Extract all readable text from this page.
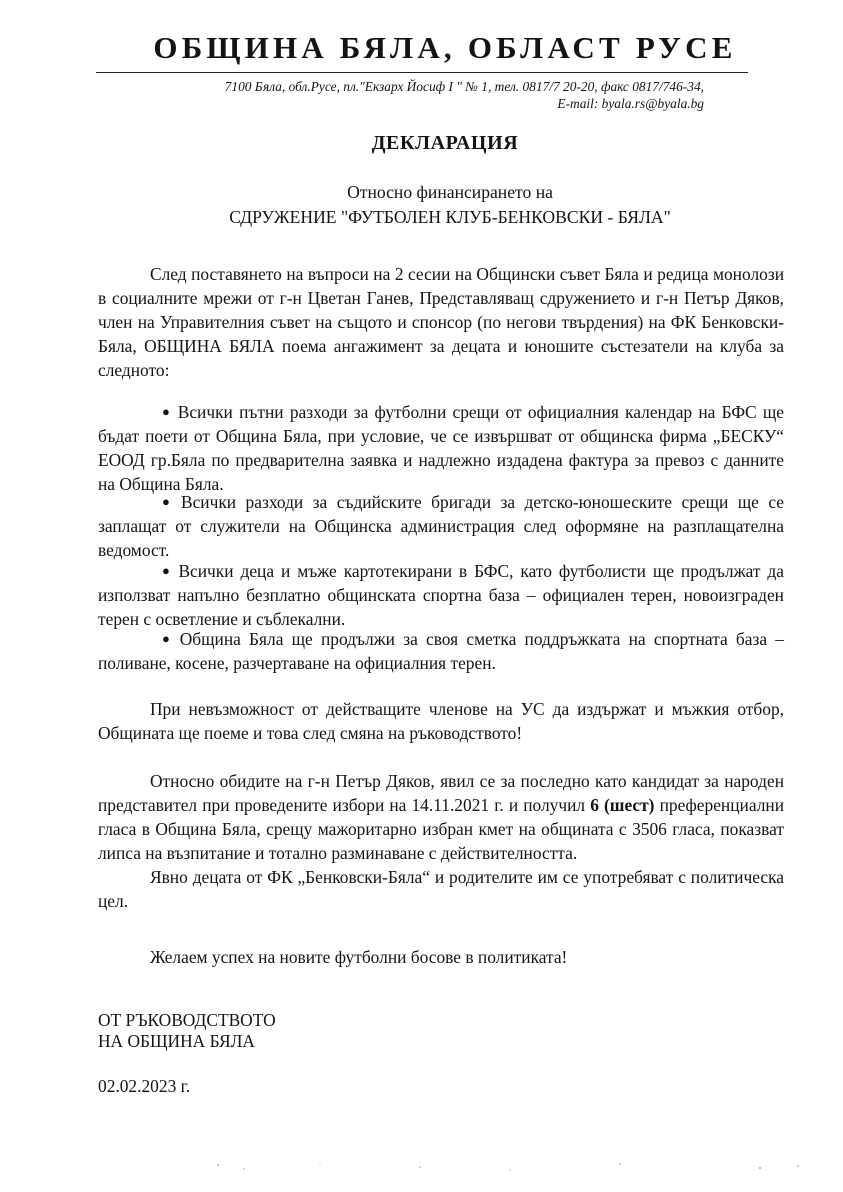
ОБЩИНА БЯЛА, ОБЛАСТ РУСЕ
7100 Бяла, обл.Русе, пл."Екзарх Йосиф I " № 1, тел. 0817/7 20-20, факс 0817/746-34,
E-mail: byala.rs@byala.bg
ДЕКЛАРАЦИЯ
Относно финансирането на
СДРУЖЕНИЕ "ФУТБОЛЕН КЛУБ-БЕНКОВСКИ - БЯЛА"
След поставянето на въпроси на 2 сесии на Общински съвет Бяла и редица монолози в социалните мрежи от г-н Цветан Ганев, Представляващ сдружението и г-н Петър Дяков, член на Управителния съвет на същото и спонсор (по негови твърдения) на ФК Бенковски-Бяла, ОБЩИНА БЯЛА поема ангажимент за децата и юношите състезатели на клуба за следното:
● Всички пътни разходи за футболни срещи от официалния календар на БФС ще бъдат поети от Община Бяла, при условие, че се извършват от общинска фирма „БЕСКУ“ ЕООД гр.Бяла по предварителна заявка и надлежно издадена фактура за превоз с данните на Община Бяла.
● Всички разходи за съдийските бригади за детско-юношеските срещи ще се заплащат от служители на Общинска администрация след оформяне на разплащателна ведомост.
● Всички деца и мъже картотекирани в БФС, като футболисти ще продължат да използват напълно безплатно общинската спортна база – официален терен, новоизграден терен с осветление и съблекални.
● Община Бяла ще продължи за своя сметка поддръжката на спортната база – поливане, косене, разчертаване на официалния терен.
При невъзможност от действащите членове на УС да издържат и мъжкия отбор, Общината ще поеме и това след смяна на ръководството!
Относно обидите на г-н Петър Дяков, явил се за последно като кандидат за народен представител при проведените избори на 14.11.2021 г. и получил 6 (шест) преференциални гласа в Община Бяла, срещу мажоритарно избран кмет на общината с 3506 гласа, показват липса на възпитание и тотално разминаване с действителността.
Явно децата от ФК „Бенковски-Бяла“ и родителите им се употребяват с политическа цел.
Желаем успех на новите футболни босове в политиката!
ОТ РЪКОВОДСТВОТО
НА ОБЩИНА БЯЛА
02.02.2023 г.
